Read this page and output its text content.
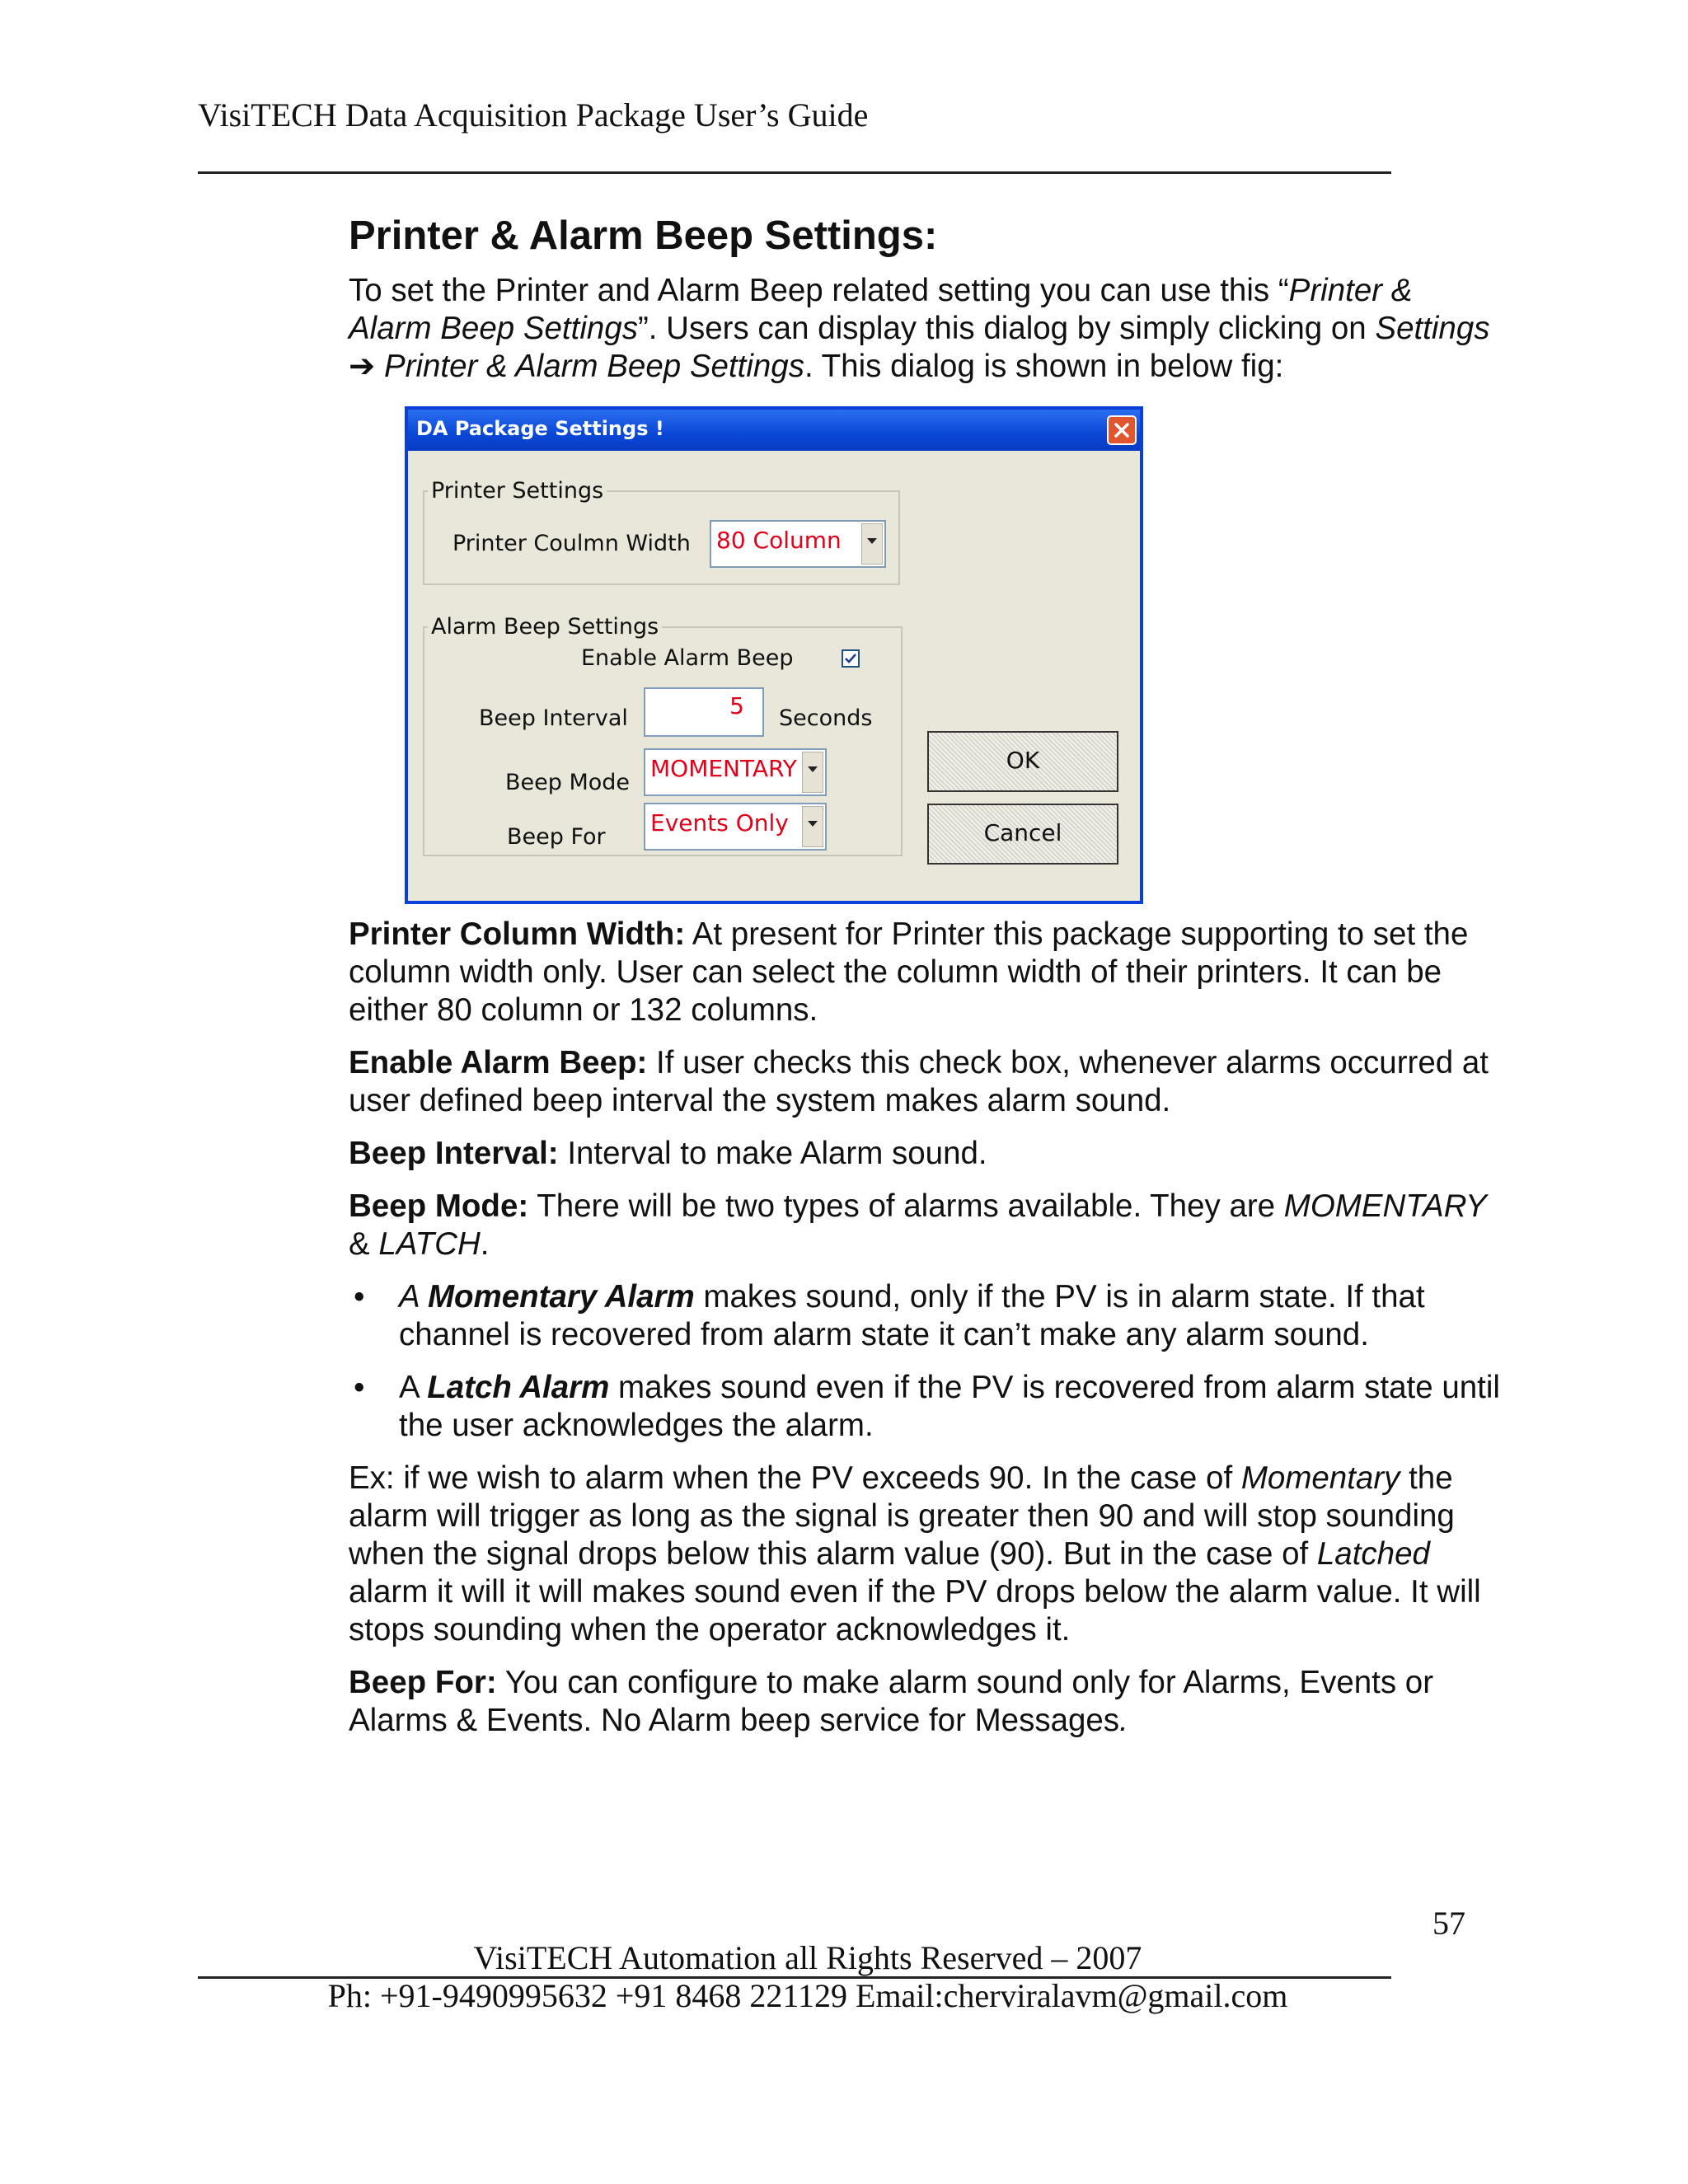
VisiTECH Data Acquisition Package User’s Guide
Printer & Alarm Beep Settings:

To set the Printer and Alarm Beep related setting you can use this “Printer & Alarm Beep Settings”. Users can display this dialog by simply clicking on Settings ➔ Printer & Alarm Beep Settings. This dialog is shown in below fig:

Printer Column Width: At present for Printer this package supporting to set the column width only. User can select the column width of their printers. It can be either 80 column or 132 columns.

Enable Alarm Beep: If user checks this check box, whenever alarms occurred at user defined beep interval the system makes alarm sound.

Beep Interval: Interval to make Alarm sound.

Beep Mode: There will be two types of alarms available. They are MOMENTARY & LATCH.

• A Momentary Alarm makes sound, only if the PV is in alarm state. If that channel is recovered from alarm state it can’t make any alarm sound.
• A Latch Alarm makes sound even if the PV is recovered from alarm state until the user acknowledges the alarm.

Ex: if we wish to alarm when the PV exceeds 90. In the case of Momentary the alarm will trigger as long as the signal is greater then 90 and will stop sounding when the signal drops below this alarm value (90). But in the case of Latched alarm it will it will makes sound even if the PV drops below the alarm value. It will stops sounding when the operator acknowledges it.

Beep For: You can configure to make alarm sound only for Alarms, Events or Alarms & Events. No Alarm beep service for Messages.

DA Package Settings !
Printer Settings
Printer Coulmn Width 80 Column
Alarm Beep Settings
Enable Alarm Beep
Beep Interval	5 Seconds
Beep Mode
MOMENTARY
Beep For
Events Only
OK
Cancel
57
VisiTECH Automation all Rights Reserved – 2007
Ph: +91-9490995632 +91 8468 221129 Email:cherviralavm@gmail.com
